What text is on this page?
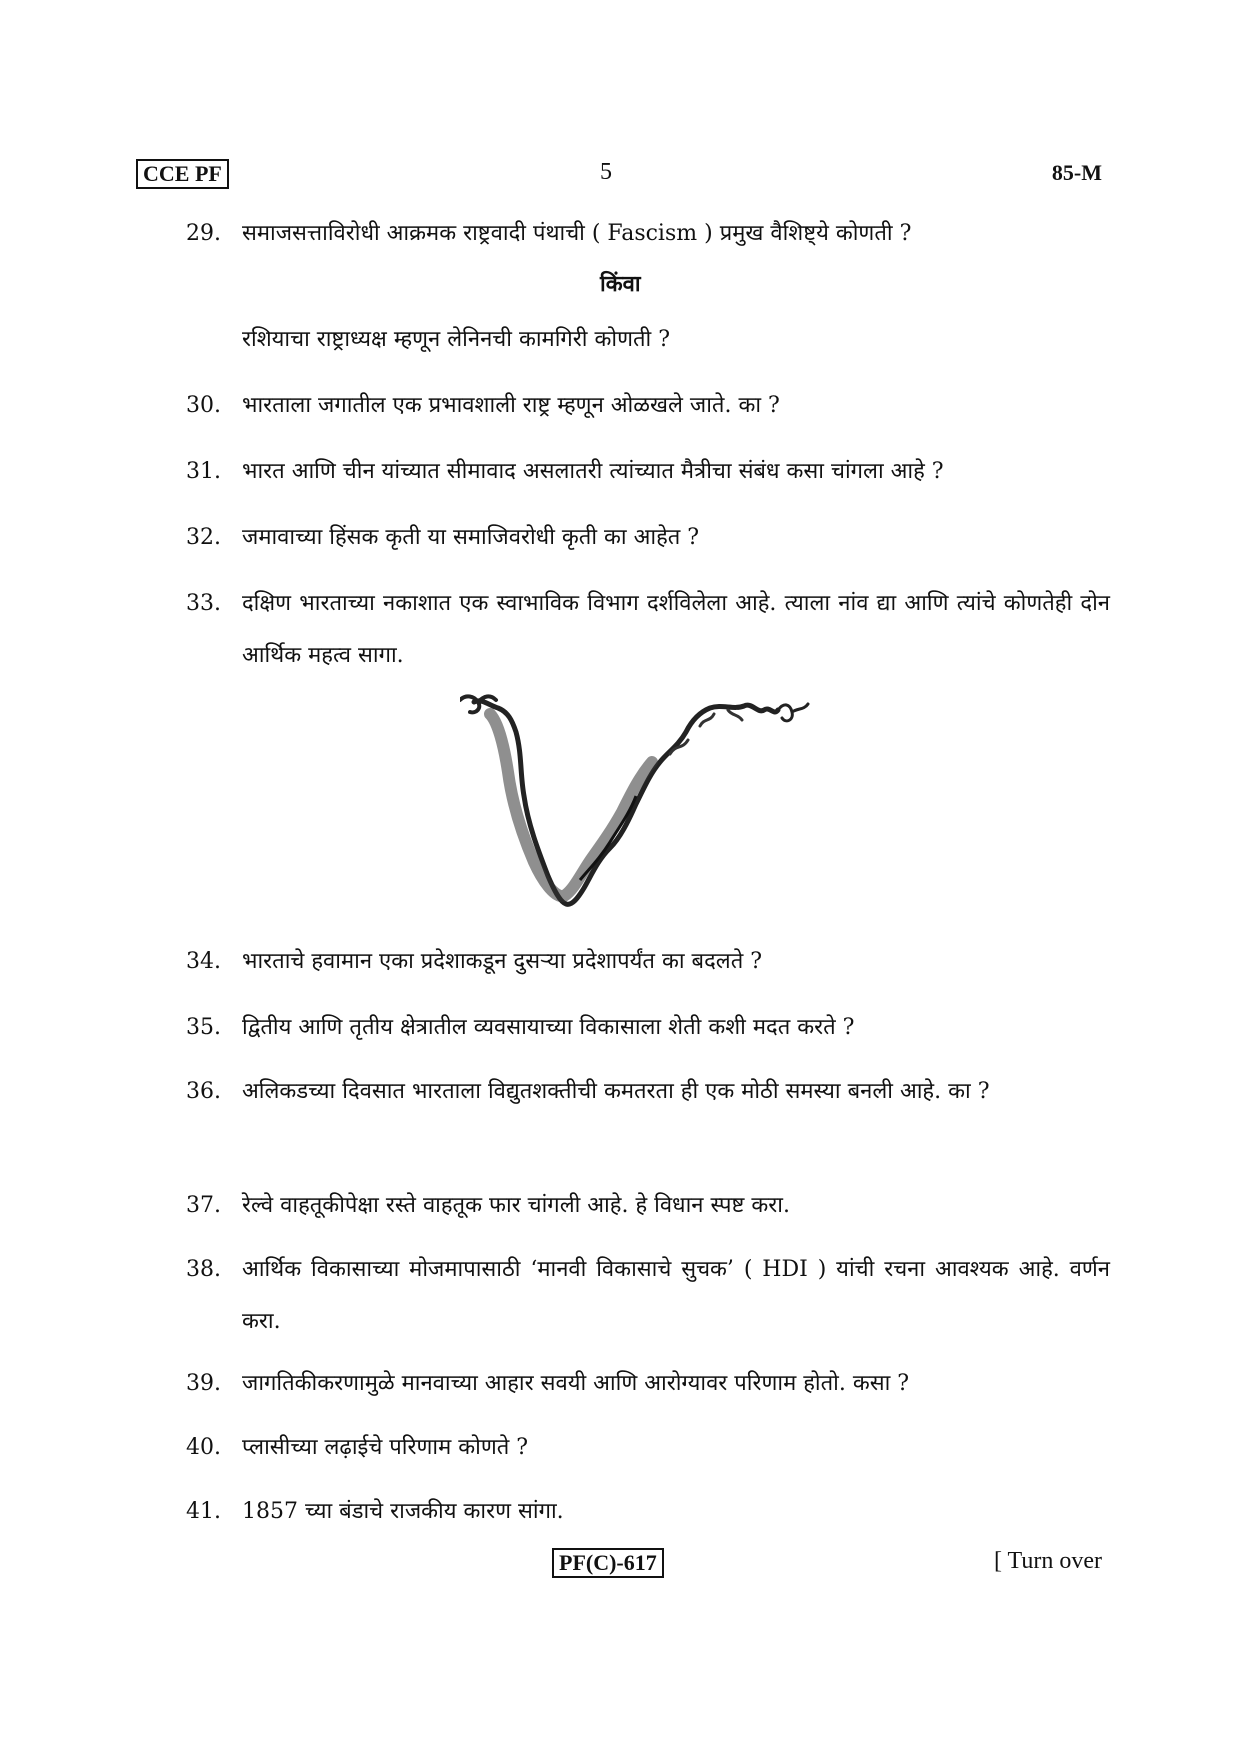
CCE PF	5	85-M
29. समाजसत्ताविरोधी आक्रमक राष्ट्रवादी पंथाची ( Fascism ) प्रमुख वैशिष्ट्ये कोणती ?
किंवा
रशियाचा राष्ट्राध्यक्ष म्हणून लेनिनची कामगिरी कोणती ?
30. भारताला जगातील एक प्रभावशाली राष्ट्र म्हणून ओळखले जाते. का ?
31. भारत आणि चीन यांच्यात सीमावाद असलातरी त्यांच्यात मैत्रीचा संबंध कसा चांगला आहे ?
32. जमावाच्या हिंसक कृती या समाजिवरोधी कृती का आहेत ?
33. दक्षिण भारताच्या नकाशात एक स्वाभाविक विभाग दर्शविलेला आहे. त्याला नांव द्या आणि त्यांचे कोणतेही दोन आर्थिक महत्व सागा.
34. भारताचे हवामान एका प्रदेशाकडून दुसऱ्या प्रदेशापर्यंत का बदलते ?
35. द्वितीय आणि तृतीय क्षेत्रातील व्यवसायाच्या विकासाला शेती कशी मदत करते ?
36. अलिकडच्या दिवसात भारताला विद्युतशक्तीची कमतरता ही एक मोठी समस्या बनली आहे. का ?
37. रेल्वे वाहतूकीपेक्षा रस्ते वाहतूक फार चांगली आहे. हे विधान स्पष्ट करा.
38. आर्थिक विकासाच्या मोजमापासाठी ‘मानवी विकासाचे सुचक’ ( HDI ) यांची रचना आवश्यक आहे. वर्णन करा.
39. जागतिकीकरणामुळे मानवाच्या आहार सवयी आणि आरोग्यावर परिणाम होतो. कसा ?
40. प्लासीच्या लढ़ाईचे परिणाम कोणते ?
41. 1857 च्या बंडाचे राजकीय कारण सांगा.
PF(C)-617	[ Turn over
